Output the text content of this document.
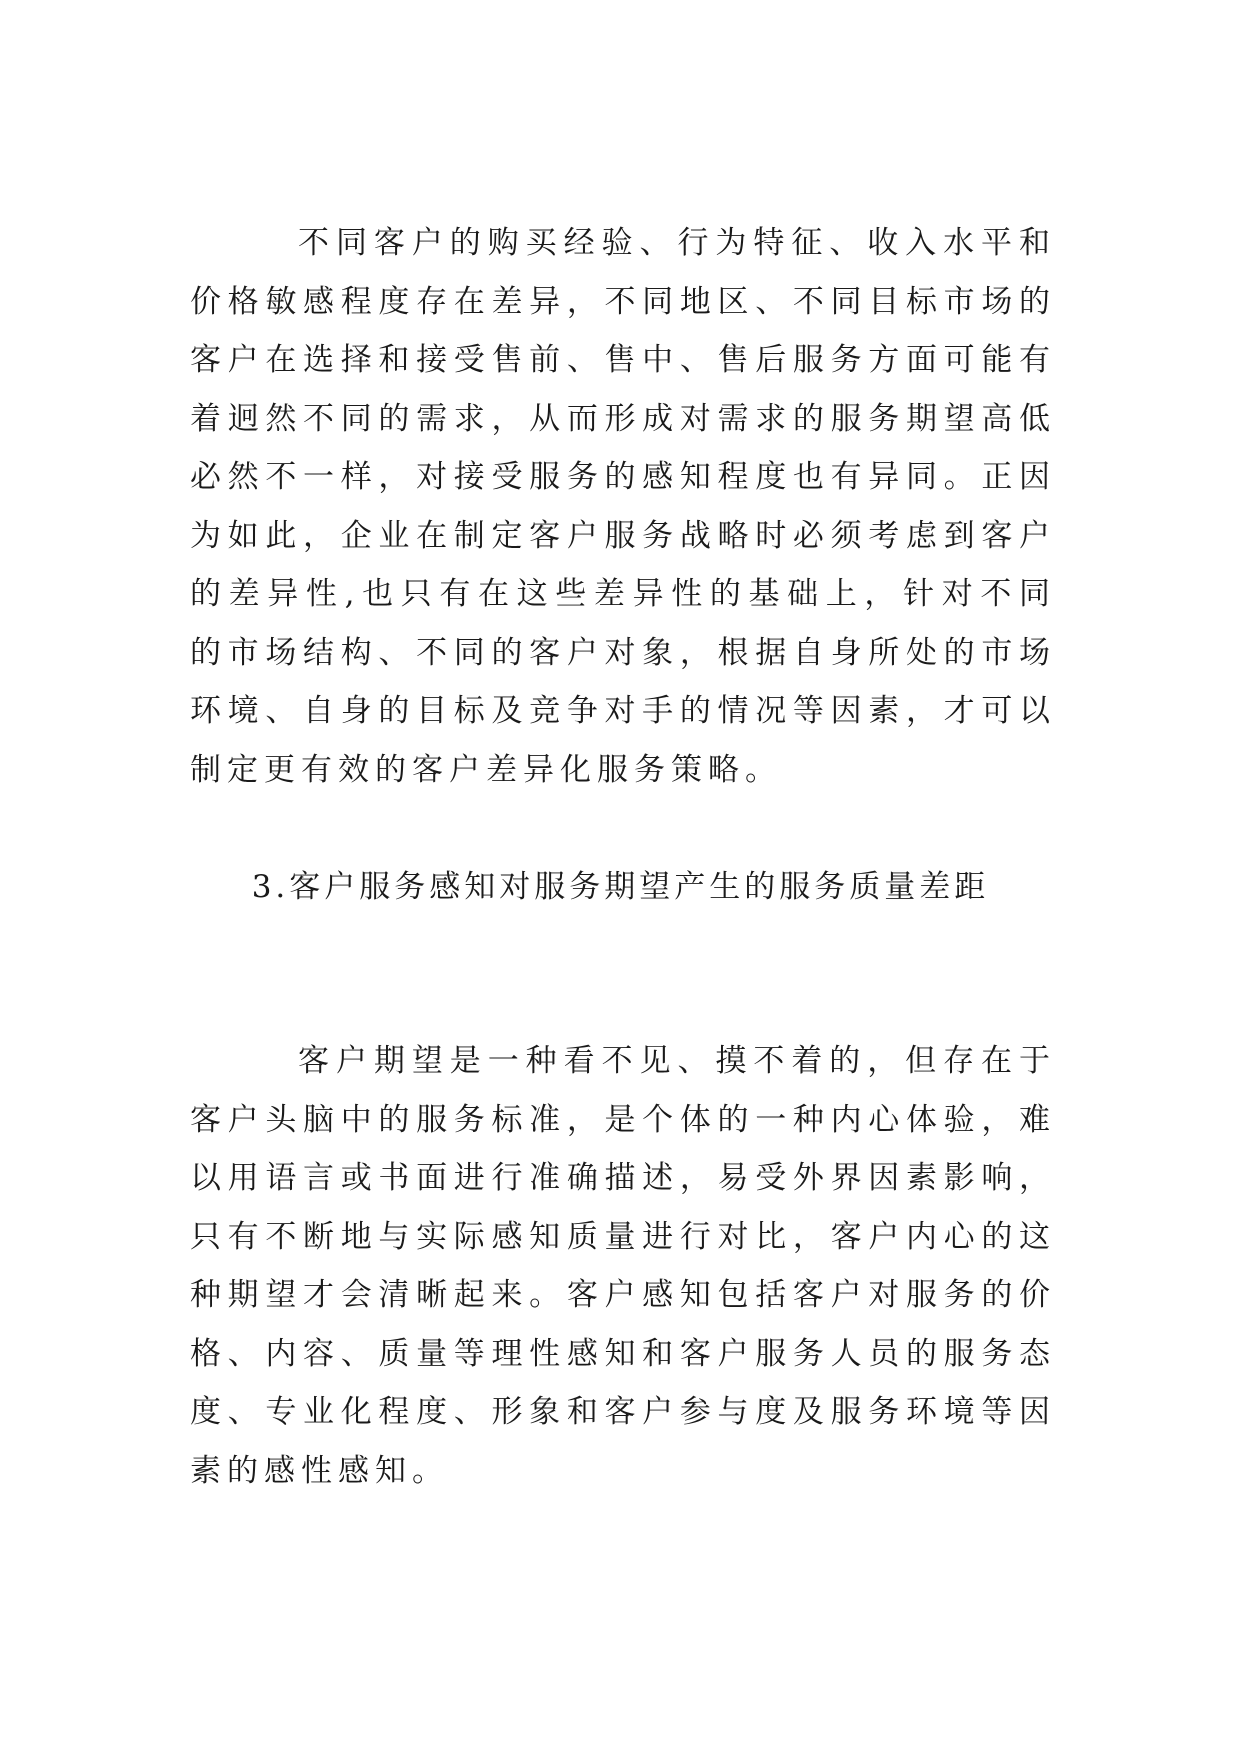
不同客户的购买经验、行为特征、收入水平和价格敏感程度存在差异，不同地区、不同目标市场的客户在选择和接受售前、售中、售后服务方面可能有着迥然不同的需求，从而形成对需求的服务期望高低必然不一样，对接受服务的感知程度也有异同。正因为如此，企业在制定客户服务战略时必须考虑到客户的差异性,也只有在这些差异性的基础上，针对不同的市场结构、不同的客户对象，根据自身所处的市场环境、自身的目标及竞争对手的情况等因素，才可以制定更有效的客户差异化服务策略。

3.客户服务感知对服务期望产生的服务质量差距

客户期望是一种看不见、摸不着的，但存在于客户头脑中的服务标准，是个体的一种内心体验，难以用语言或书面进行准确描述，易受外界因素影响，只有不断地与实际感知质量进行对比，客户内心的这种期望才会清晰起来。客户感知包括客户对服务的价格、内容、质量等理性感知和客户服务人员的服务态度、专业化程度、形象和客户参与度及服务环境等因素的感性感知。
